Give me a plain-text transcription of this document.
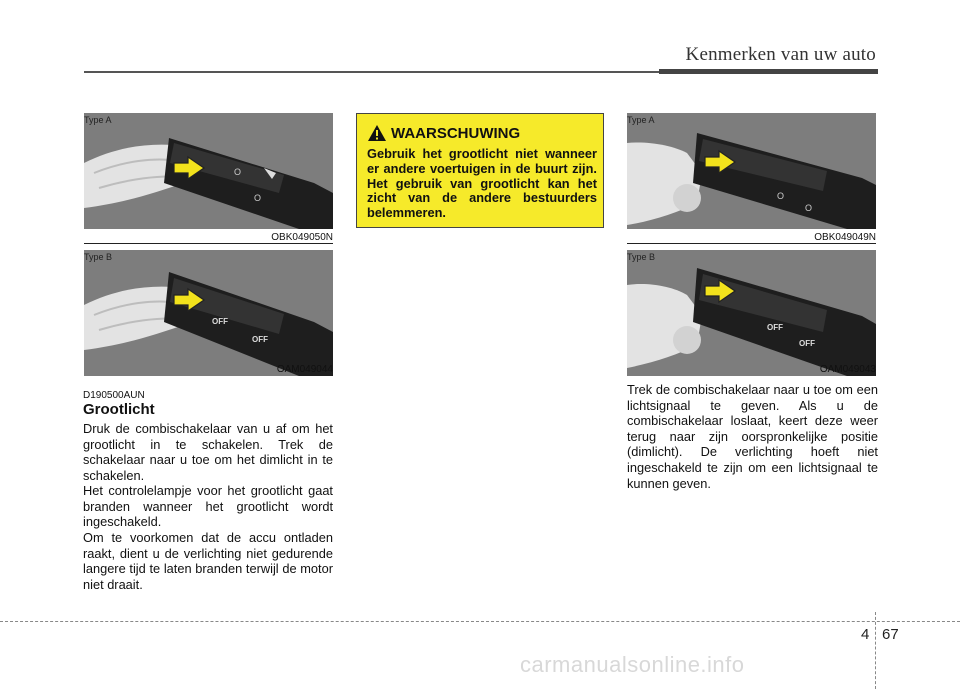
Kenmerken van uw auto
O
O
Type A
OBK049050N
OFF
OFF
Type B
OAM049044
D190500AUN
Grootlicht
Druk de combischakelaar van u af om het grootlicht in te schakelen. Trek de schakelaar naar u toe om het dimlicht in te schakelen.
Het controlelampje voor het grootlicht gaat branden wanneer het grootlicht wordt ingeschakeld.
Om te voorkomen dat de accu ontladen raakt, dient u de verlichting niet gedurende langere tijd te laten branden terwijl de motor niet draait.
WAARSCHUWING
Gebruik het grootlicht niet wanneer er andere voertuigen in de buurt zijn. Het gebruik van grootlicht kan het zicht van de andere bestuurders belemmeren.
O
O
Type A
OBK049049N
OFF
OFF
Type B
OAM049043
Trek de combischakelaar naar u toe om een lichtsignaal te geven. Als u de combischakelaar loslaat, keert deze weer terug naar zijn oorspronkelijke positie (dimlicht). De verlichting hoeft niet ingeschakeld te zijn om een lichtsignaal te kunnen geven.
4 67
carmanualsonline.info
